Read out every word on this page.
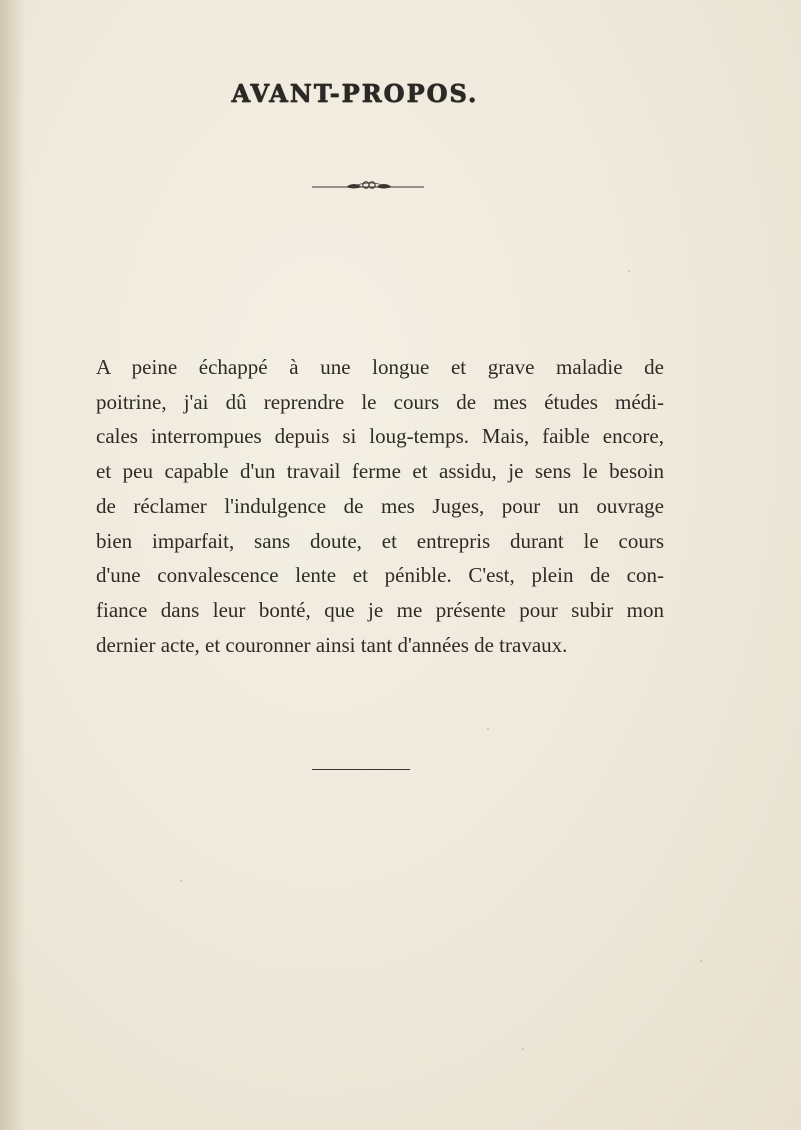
AVANT-PROPOS.
A peine échappé à une longue et grave maladie de
poitrine, j'ai dû reprendre le cours de mes études médi-
cales interrompues depuis si loug-temps. Mais, faible encore,
et peu capable d'un travail ferme et assidu, je sens le besoin
de réclamer l'indulgence de mes Juges, pour un ouvrage
bien imparfait, sans doute, et entrepris durant le cours
d'une convalescence lente et pénible. C'est, plein de con-
fiance dans leur bonté, que je me présente pour subir mon
dernier acte, et couronner ainsi tant d'années de travaux.
